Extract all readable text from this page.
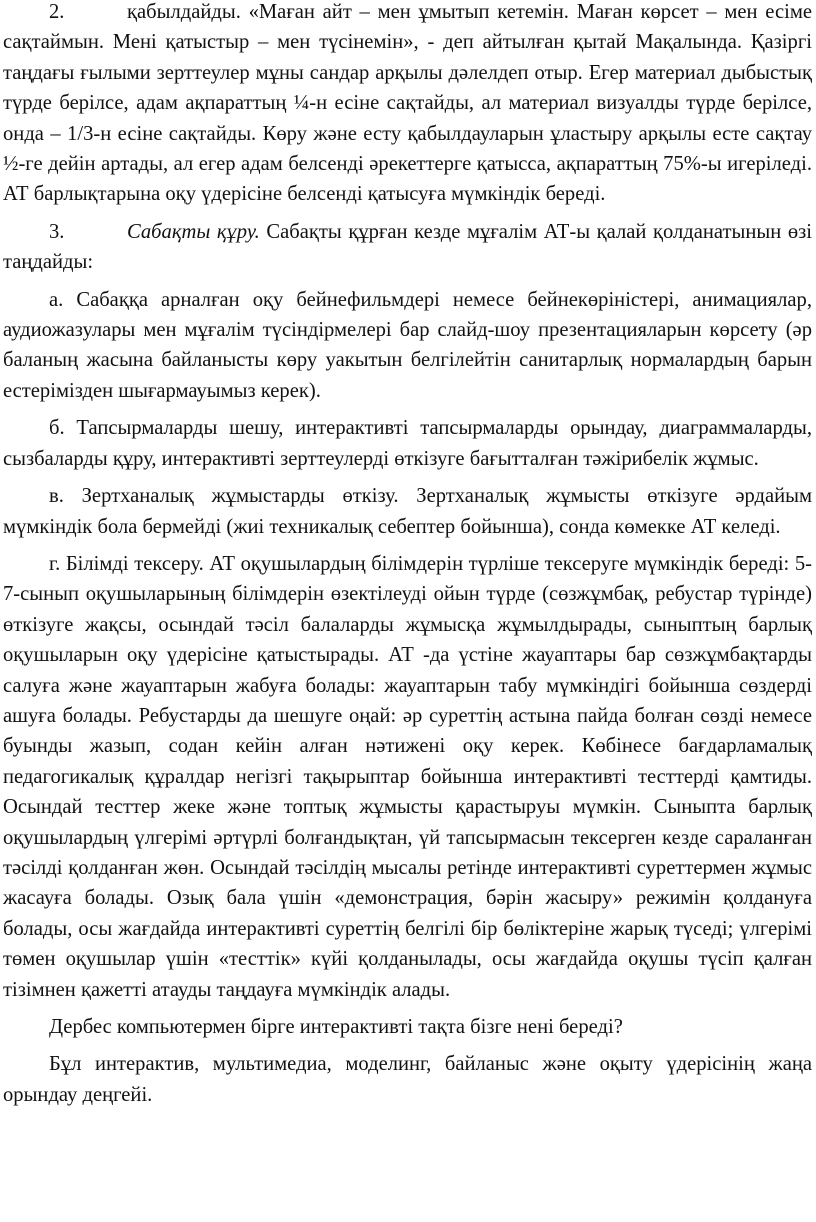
2.	қабылдайды. «Маған айт – мен ұмытып кетемін. Маған көрсет – мен есіме сақтаймын. Мені қатыстыр – мен түсінемін», - деп айтылған қытай Мақалында. Қазіргі таңдағы ғылыми зерттеулер мұны сандар арқылы дәлелдеп отыр. Егер материал дыбыстық түрде берілсе, адам ақпараттың ¼-н есіне сақтайды, ал материал визуалды түрде берілсе, онда – 1/3-н есіне сақтайды. Көру және есту қабылдауларын ұластыру арқылы есте сақтау ½-ге дейін артады, ал егер адам белсенді әрекеттерге қатысса, ақпараттың 75%-ы игеріледі. АТ барлықтарына оқу үдерісіне белсенді қатысуға мүмкіндік береді.

3.	Сабақты құру. Сабақты құрған кезде мұғалім АТ-ы қалай қолданатынын өзі таңдайды:

а. Сабаққа арналған оқу бейнефильмдері немесе бейнекөріністері, анимациялар, аудиожазулары мен мұғалім түсіндірмелері бар слайд-шоу презентацияларын көрсету (әр баланың жасына байланысты көру уакытын белгілейтін санитарлық нормалардың барын естерімізден шығармауымыз керек).

б. Тапсырмаларды шешу, интерактивті тапсырмаларды орындау, диаграммаларды, сызбаларды құру, интерактивті зерттеулерді өткізуге бағытталған тәжірибелік жұмыс.

в. Зертханалық жұмыстарды өткізу. Зертханалық жұмысты өткізуге әрдайым мүмкіндік бола бермейді (жиі техникалық себептер бойынша), сонда көмекке АТ келеді.

г. Білімді тексеру. АТ оқушылардың білімдерін түрліше тексеруге мүмкіндік береді: 5-7-сынып оқушыларының білімдерін өзектілеуді ойын түрде (сөзжұмбақ, ребустар түрінде) өткізуге жақсы, осындай тәсіл балаларды жұмысқа жұмылдырады, сыныптың барлық оқушыларын оқу үдерісіне қатыстырады. АТ -да үстіне жауаптары бар сөзжұмбақтарды салуға және жауаптарын жабуға болады: жауаптарын табу мүмкіндігі бойынша сөздерді ашуға болады. Ребустарды да шешуге оңай: әр суреттің астына пайда болған сөзді немесе буынды жазып, содан кейін алған нәтижені оқу керек. Көбінесе бағдарламалық педагогикалық құралдар негізгі тақырыптар бойынша интерактивті тесттерді қамтиды. Осындай тесттер жеке және топтық жұмысты қарастыруы мүмкін. Сыныпта барлық оқушылардың үлгерімі әртүрлі болғандықтан, үй тапсырмасын тексерген кезде сараланған тәсілді қолданған жөн. Осындай тәсілдің мысалы ретінде интерактивті суреттермен жұмыс жасауға болады. Озық бала үшін «демонстрация, бәрін жасыру» режимін қолдануға болады, осы жағдайда интерактивті суреттің белгілі бір бөліктеріне жарық түседі; үлгерімі төмен оқушылар үшін «тесттік» күйі қолданылады, осы жағдайда оқушы түсіп қалған тізімнен қажетті атауды таңдауға мүмкіндік алады.

Дербес компьютермен бірге интерактивті тақта бізге нені береді?

Бұл интерактив, мультимедиа, моделинг, байланыс және оқыту үдерісінің жаңа орындау деңгейі.
